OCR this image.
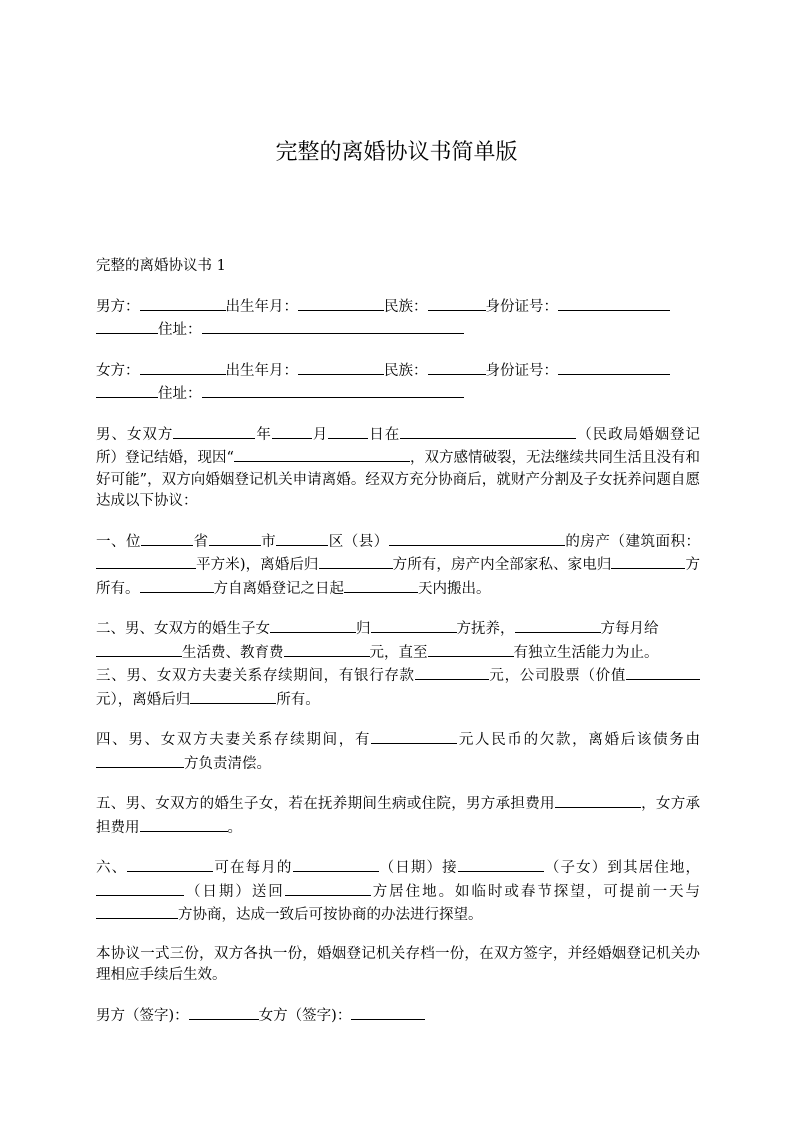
完整的离婚协议书简单版

完整的离婚协议书 1

男方：	出生年月：	民族：	身份证号：
住址：

女方：	出生年月：	民族：	身份证号：
住址：

男、女双方	年	月	日在	（民政局婚姻登记所）登记结婚，现因“	，双方感情破裂，无法继续共同生活且没有和好可能”，双方向婚姻登记机关申请离婚。经双方充分协商后，就财产分割及子女抚养问题自愿达成以下协议：

一、位	省	市	区（县）	的房产（建筑面积：平方米)，离婚后归	方所有，房产内全部家私、家电归	方所有。	方自离婚登记之日起	天内搬出。

二、男、女双方的婚生子女	归	方抚养，	方每月给
生活费、教育费	元，直至	有独立生活能力为止。

三、男、女双方夫妻关系存续期间，有银行存款	元，公司股票（价值元），离婚后归	所有。

四、男、女双方夫妻关系存续期间，有	元人民币的欠款，离婚后该债务由方负责清偿。

五、男、女双方的婚生子女，若在抚养期间生病或住院，男方承担费用	，女方承担费用	。

六、	可在每月的	（日期）接	（子女）到其居住地，（日期）送回	方居住地。如临时或春节探望，可提前一天与方协商，达成一致后可按协商的办法进行探望。

本协议一式三份，双方各执一份，婚姻登记机关存档一份，在双方签字，并经婚姻登记机关办理相应手续后生效。

男方（签字)：	女方（签字)：
